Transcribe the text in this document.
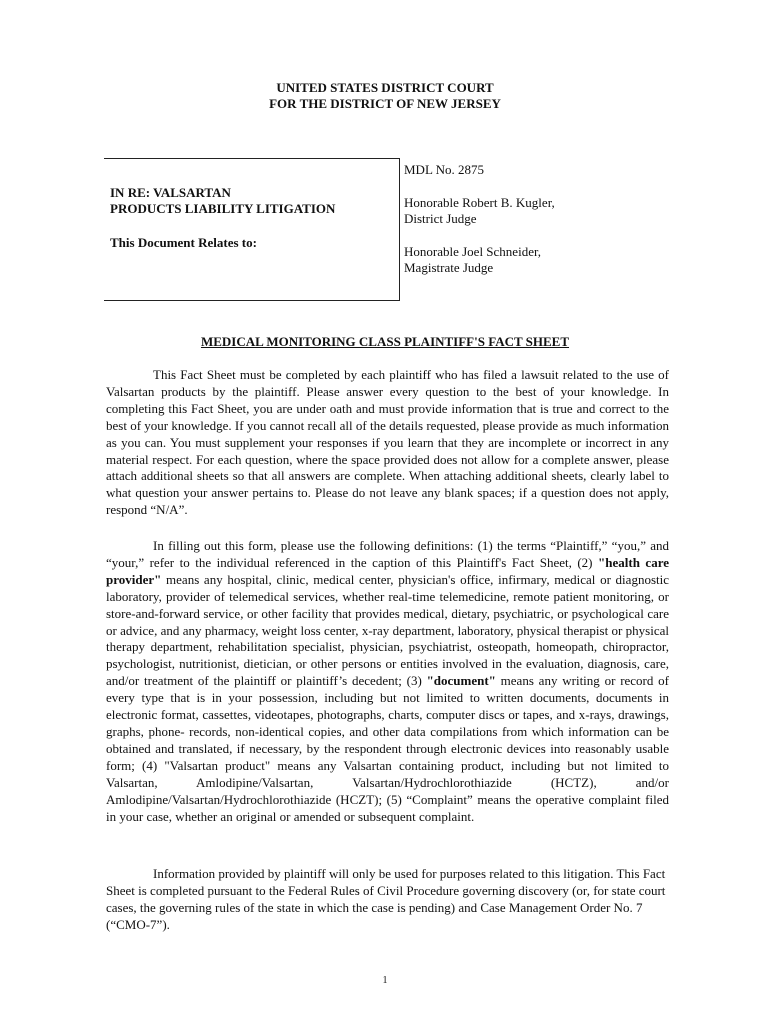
UNITED STATES DISTRICT COURT
FOR THE DISTRICT OF NEW JERSEY
IN RE: VALSARTAN
PRODUCTS LIABILITY LITIGATION
This Document Relates to:

MDL No. 2875

Honorable Robert B. Kugler,

District Judge

Honorable Joel Schneider,

Magistrate Judge

MEDICAL MONITORING CLASS PLAINTIFF'S FACT SHEET

This Fact Sheet must be completed by each plaintiff who has filed a lawsuit related to the use of Valsartan products by the plaintiff. Please answer every question to the best of your knowledge. In completing this Fact Sheet, you are under oath and must provide information that is true and correct to the best of your knowledge. If you cannot recall all of the details requested, please provide as much information as you can. You must supplement your responses if you learn that they are incomplete or incorrect in any material respect. For each question, where the space provided does not allow for a complete answer, please attach additional sheets so that all answers are complete. When attaching additional sheets, clearly label to what question your answer pertains to. Please do not leave any blank spaces; if a question does not apply, respond “N/A”.

In filling out this form, please use the following definitions: (1) the terms “Plaintiff,” “you,” and “your,” refer to the individual referenced in the caption of this Plaintiff's Fact Sheet, (2) "health care provider" means any hospital, clinic, medical center, physician's office, infirmary, medical or diagnostic laboratory, provider of telemedical services, whether real-time telemedicine, remote patient monitoring, or store-and-forward service, or other facility that provides medical, dietary, psychiatric, or psychological care or advice, and any pharmacy, weight loss center, x-ray department, laboratory, physical therapist or physical therapy department, rehabilitation specialist, physician, psychiatrist, osteopath, homeopath, chiropractor, psychologist, nutritionist, dietician, or other persons or entities involved in the evaluation, diagnosis, care, and/or treatment of the plaintiff or plaintiff’s decedent; (3) "document" means any writing or record of every type that is in your possession, including but not limited to written documents, documents in electronic format, cassettes, videotapes, photographs, charts, computer discs or tapes, and x-rays, drawings, graphs, phone- records, non-identical copies, and other data compilations from which information can be obtained and translated, if necessary, by the respondent through electronic devices into reasonably usable form; (4) "Valsartan product" means any Valsartan containing product, including but not limited to Valsartan, Amlodipine/Valsartan, Valsartan/Hydrochlorothiazide (HCTZ), and/or Amlodipine/Valsartan/Hydrochlorothiazide (HCZT); (5) “Complaint” means the operative complaint filed in your case, whether an original or amended or subsequent complaint.

Information provided by plaintiff will only be used for purposes related to this litigation. This Fact Sheet is completed pursuant to the Federal Rules of Civil Procedure governing discovery (or, for state court cases, the governing rules of the state in which the case is pending) and Case Management Order No. 7 (“CMO-7”).

1
